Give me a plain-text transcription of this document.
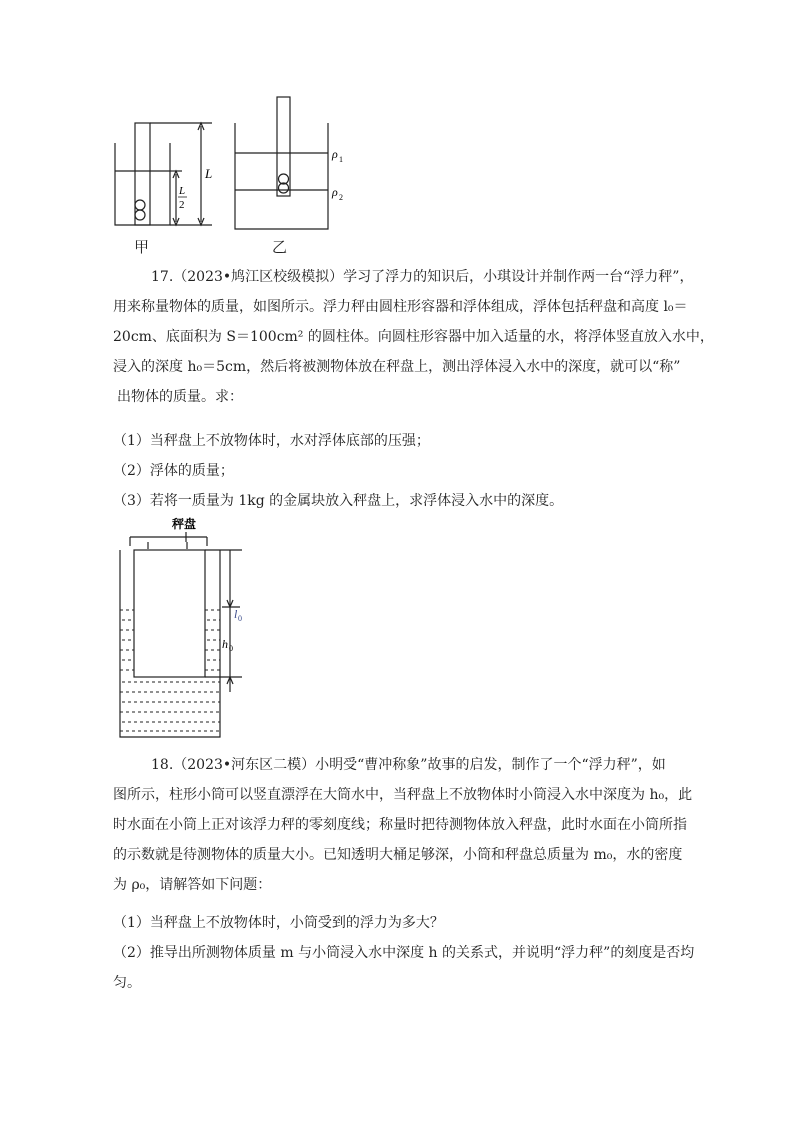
L
L
2
ρ 1
ρ 2
甲	乙
17.（2023•鸠江区校级模拟）学习了浮力的知识后，小琪设计并制作两一台“浮力秤”，
用来称量物体的质量，如图所示。浮力秤由圆柱形容器和浮体组成，浮体包括秤盘和高度 l₀＝
20cm、底面积为 S＝100cm² 的圆柱体。向圆柱形容器中加入适量的水，将浮体竖直放入水中，
浸入的深度 h₀＝5cm，然后将被测物体放在秤盘上，测出浮体浸入水中的深度，就可以“称”
出物体的质量。求：
（1）当秤盘上不放物体时，水对浮体底部的压强；
（2）浮体的质量；
（3）若将一质量为 1kg 的金属块放入秤盘上，求浮体浸入水中的深度。
秤盘
l 0
h 0
18.（2023•河东区二模）小明受“曹冲称象”故事的启发，制作了一个“浮力秤”，如
图所示，柱形小筒可以竖直漂浮在大筒水中，当秤盘上不放物体时小筒浸入水中深度为 h₀，此
时水面在小筒上正对该浮力秤的零刻度线；称量时把待测物体放入秤盘，此时水面在小筒所指
的示数就是待测物体的质量大小。已知透明大桶足够深，小筒和秤盘总质量为 m₀，水的密度
为 ρ₀，请解答如下问题：
（1）当秤盘上不放物体时，小筒受到的浮力为多大？
（2）推导出所测物体质量 m 与小筒浸入水中深度 h 的关系式，并说明“浮力秤”的刻度是否均
匀。
